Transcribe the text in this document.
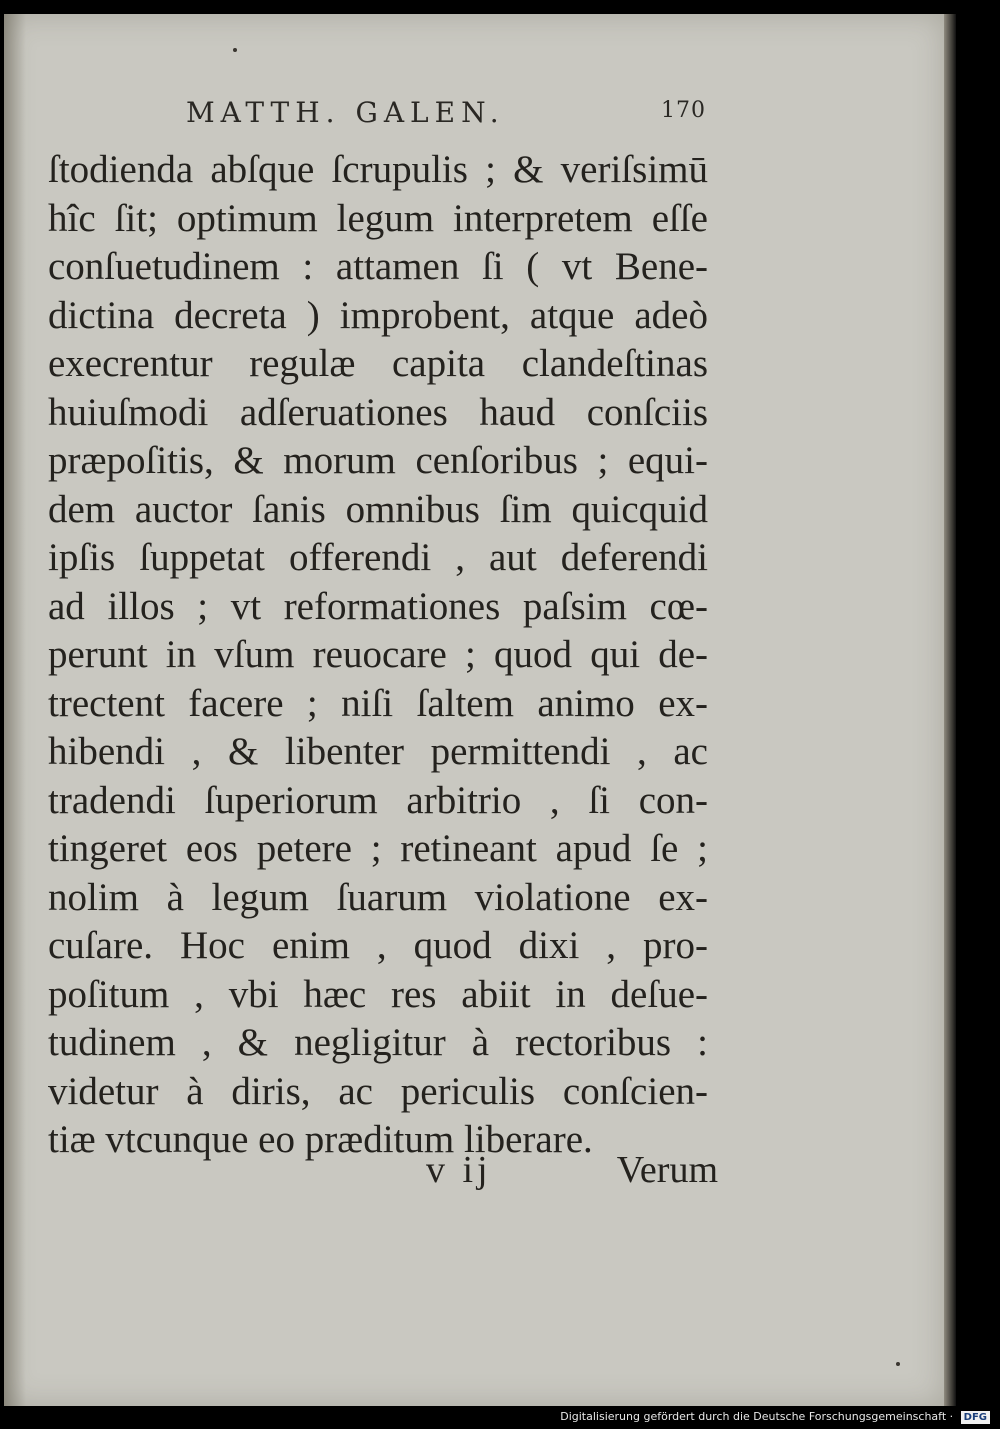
MATTH. GALEN.	170
ſtodienda abſque ſcrupulis ; & veriſsimū
hîc ſit; optimum legum interpretem eſſe
conſuetudinem : attamen ſi ( vt Bene-
dictina decreta ) improbent, atque adeò
execrentur regulæ capita clandeſtinas
huiuſmodi adſeruationes haud conſciis
præpoſitis, & morum cenſoribus ; equi-
dem auctor ſanis omnibus ſim quicquid
ipſis ſuppetat offerendi , aut deferendi
ad illos ; vt reformationes paſsim cœ-
perunt in vſum reuocare ; quod qui de-
trectent facere ; niſi ſaltem animo ex-
hibendi , & libenter permittendi , ac
tradendi ſuperiorum arbitrio , ſi con-
tingeret eos petere ; retineant apud ſe ;
nolim à legum ſuarum violatione ex-
cuſare. Hoc enim , quod dixi , pro-
poſitum , vbi hæc res abiit in deſue-
tudinem , & negligitur à rectoribus :
videtur à diris, ac periculis conſcien-
tiæ vtcunque eo præditum liberare.
v ij	Verum
Digitalisierung gefördert durch die Deutsche Forschungsgemeinschaft · DFG
